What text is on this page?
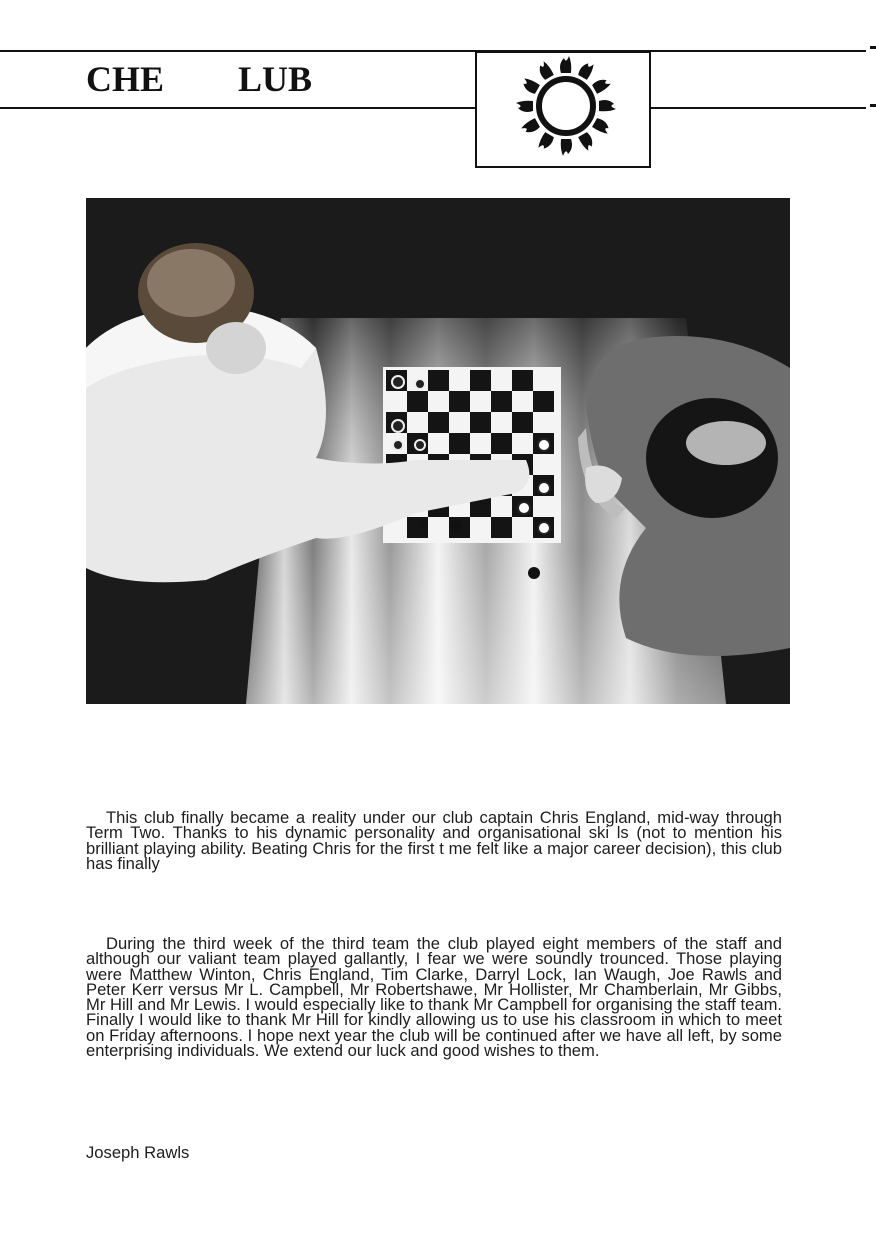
CHE LUB

This club finally became a reality under our club captain Chris England, mid-way through Term Two. Thanks to his dynamic personality and organisational ski ls (not to mention his brilliant playing ability. Beating Chris for the first t me felt like a major career decision), this club has finally

During the third week of the third team the club played eight members of the staff and although our valiant team played gallantly, I fear we were soundly trounced. Those playing were Matthew Winton, Chris England, Tim Clarke, Darryl Lock, Ian Waugh, Joe Rawls and Peter Kerr versus Mr L. Campbell, Mr Robertshawe, Mr Hollister, Mr Chamberlain, Mr Gibbs, Mr Hill and Mr Lewis. I would especially like to thank Mr Campbell for organising the staff team. Finally I would like to thank Mr Hill for kindly allowing us to use his classroom in which to meet on Friday afternoons. I hope next year the club will be continued after we have all left, by some enterprising individuals. We extend our luck and good wishes to them.

Joseph Rawls
